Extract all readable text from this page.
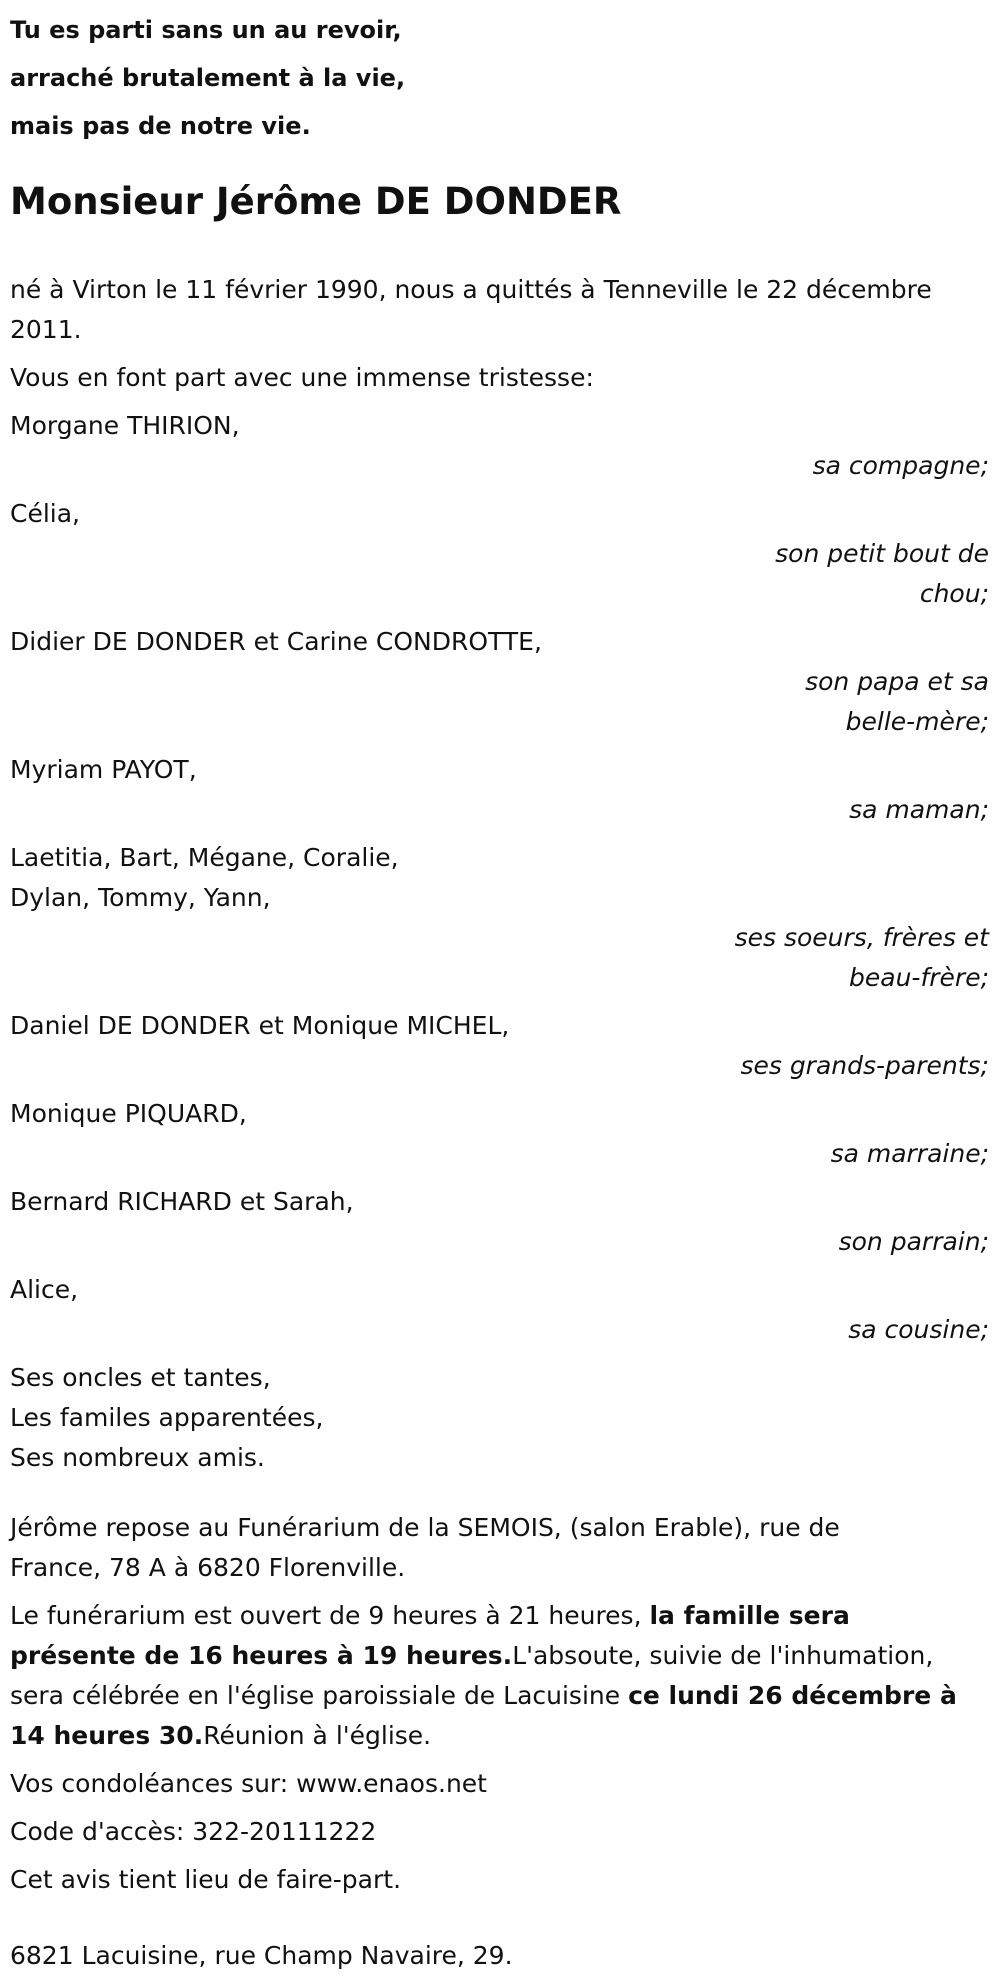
Tu es parti sans un au revoir,
arraché brutalement à la vie,
mais pas de notre vie.
Monsieur Jérôme DE DONDER
né à Virton le 11 février 1990, nous a quittés à Tenneville le 22 décembre
2011.
Vous en font part avec une immense tristesse:
Morgane THIRION,
sa compagne;
Célia,
son petit bout de
chou;
Didier DE DONDER et Carine CONDROTTE,
son papa et sa
belle-mère;
Myriam PAYOT,
sa maman;
Laetitia, Bart, Mégane, Coralie,
Dylan, Tommy, Yann,
ses soeurs, frères et
beau-frère;
Daniel DE DONDER et Monique MICHEL,
ses grands-parents;
Monique PIQUARD,
sa marraine;
Bernard RICHARD et Sarah,
son parrain;
Alice,
sa cousine;
Ses oncles et tantes,
Les familes apparentées,
Ses nombreux amis.
Jérôme repose au Funérarium de la SEMOIS, (salon Erable), rue de
France, 78 A à 6820 Florenville.
Le funérarium est ouvert de 9 heures à 21 heures, la famille sera
présente de 16 heures à 19 heures.L'absoute, suivie de l'inhumation,
sera célébrée en l'église paroissiale de Lacuisine ce lundi 26 décembre à
14 heures 30.Réunion à l'église.
Vos condoléances sur: www.enaos.net
Code d'accès: 322-20111222
Cet avis tient lieu de faire-part.
6821 Lacuisine, rue Champ Navaire, 29.
